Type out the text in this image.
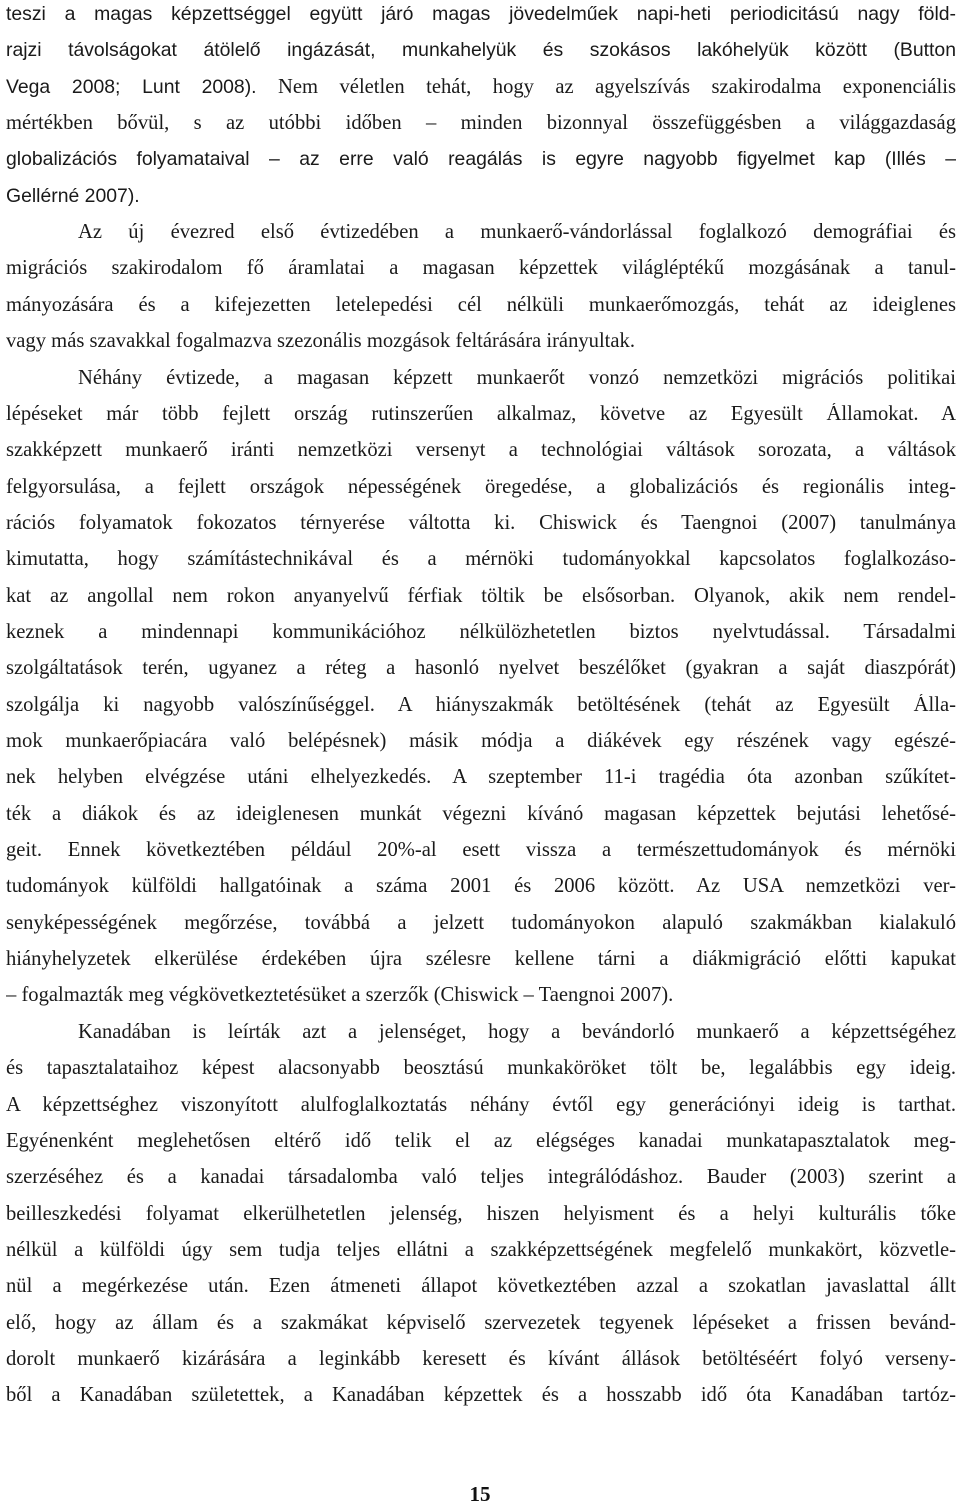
teszi a magas képzettséggel együtt járó magas jövedelműek napi-heti periodicitású nagy föld-
rajzi távolságokat átölelő ingázását, munkahelyük és szokásos lakóhelyük között (Button
Vega 2008; Lunt 2008). Nem véletlen tehát, hogy az agyelszívás szakirodalma exponenciális
mértékben bővül, s az utóbbi időben – minden bizonnyal összefüggésben a világgazdaság
globalizációs folyamataival – az erre való reagálás is egyre nagyobb figyelmet kap (Illés –
Gellérné 2007).
Az új évezred első évtizedében a munkaerő-vándorlással foglalkozó demográfiai és
migrációs szakirodalom fő áramlatai a magasan képzettek világléptékű mozgásának a tanul-
mányozására és a kifejezetten letelepedési cél nélküli munkaerőmozgás, tehát az ideiglenes
vagy más szavakkal fogalmazva szezonális mozgások feltárására irányultak.
Néhány évtizede, a magasan képzett munkaerőt vonzó nemzetközi migrációs politikai
lépéseket már több fejlett ország rutinszerűen alkalmaz, követve az Egyesült Államokat. A
szakképzett munkaerő iránti nemzetközi versenyt a technológiai váltások sorozata, a váltások
felgyorsulása, a fejlett országok népességének öregedése, a globalizációs és regionális integ-
rációs folyamatok fokozatos térnyerése váltotta ki. Chiswick és Taengnoi (2007) tanulmánya
kimutatta, hogy számítástechnikával és a mérnöki tudományokkal kapcsolatos foglalkozáso-
kat az angollal nem rokon anyanyelvű férfiak töltik be elsősorban. Olyanok, akik nem rendel-
keznek a mindennapi kommunikációhoz nélkülözhetetlen biztos nyelvtudással. Társadalmi
szolgáltatások terén, ugyanez a réteg a hasonló nyelvet beszélőket (gyakran a saját diaszpórát)
szolgálja ki nagyobb valószínűséggel. A hiányszakmák betöltésének (tehát az Egyesült Álla-
mok munkaerőpiacára való belépésnek) másik módja a diákévek egy részének vagy egészé-
nek helyben elvégzése utáni elhelyezkedés. A szeptember 11-i tragédia óta azonban szűkítet-
ték a diákok és az ideiglenesen munkát végezni kívánó magasan képzettek bejutási lehetősé-
geit. Ennek következtében például 20%-al esett vissza a természettudományok és mérnöki
tudományok külföldi hallgatóinak a száma 2001 és 2006 között. Az USA nemzetközi ver-
senyképességének megőrzése, továbbá a jelzett tudományokon alapuló szakmákban kialakuló
hiányhelyzetek elkerülése érdekében újra szélesre kellene tárni a diákmigráció előtti kapukat
– fogalmazták meg végkövetkeztetésüket a szerzők (Chiswick – Taengnoi 2007).
Kanadában is leírták azt a jelenséget, hogy a bevándorló munkaerő a képzettségéhez
és tapasztalataihoz képest alacsonyabb beosztású munkaköröket tölt be, legalábbis egy ideig.
A képzettséghez viszonyított alulfoglalkoztatás néhány évtől egy generációnyi ideig is tarthat.
Egyénenként meglehetősen eltérő idő telik el az elégséges kanadai munkatapasztalatok meg-
szerzéséhez és a kanadai társadalomba való teljes integrálódáshoz. Bauder (2003) szerint a
beilleszkedési folyamat elkerülhetetlen jelenség, hiszen helyisment és a helyi kulturális tőke
nélkül a külföldi úgy sem tudja teljes ellátni a szakképzettségének megfelelő munkakört, közvetle-
nül a megérkezése után. Ezen átmeneti állapot következtében azzal a szokatlan javaslattal állt
elő, hogy az állam és a szakmákat képviselő szervezetek tegyenek lépéseket a frissen bevánd-
dorolt munkaerő kizárására a leginkább keresett és kívánt állások betöltéséért folyó verseny-
ből a Kanadában születettek, a Kanadában képzettek és a hosszabb idő óta Kanadában tartóz-
15
